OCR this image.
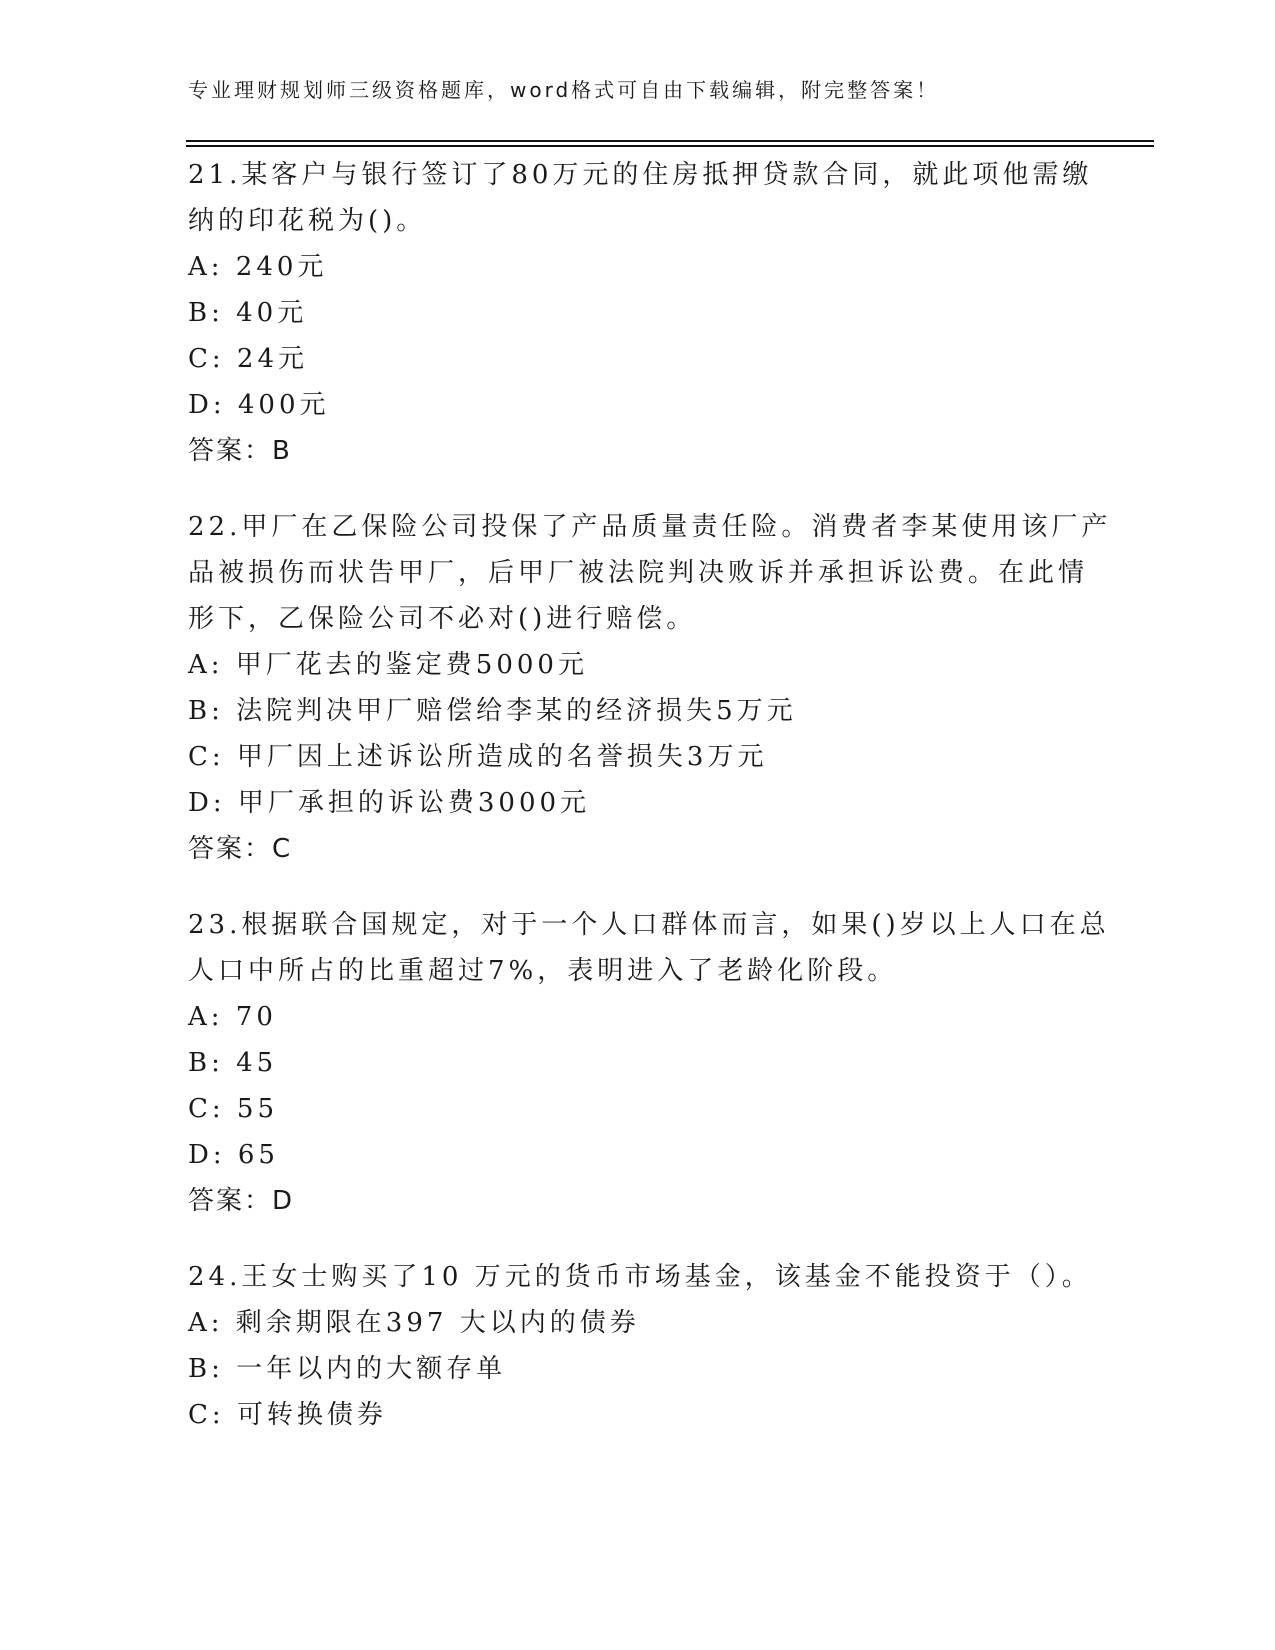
专业理财规划师三级资格题库，word格式可自由下载编辑，附完整答案！
21.某客户与银行签订了80万元的住房抵押贷款合同，就此项他需缴
纳的印花税为()。
A: 240元
B: 40元
C: 24元
D: 400元
答案：B
22.甲厂在乙保险公司投保了产品质量责任险。消费者李某使用该厂产
品被损伤而状告甲厂，后甲厂被法院判决败诉并承担诉讼费。在此情
形下，乙保险公司不必对()进行赔偿。
A: 甲厂花去的鉴定费5000元
B: 法院判决甲厂赔偿给李某的经济损失5万元
C: 甲厂因上述诉讼所造成的名誉损失3万元
D: 甲厂承担的诉讼费3000元
答案：C
23.根据联合国规定，对于一个人口群体而言，如果()岁以上人口在总
人口中所占的比重超过7%，表明进入了老龄化阶段。
A: 70
B: 45
C: 55
D: 65
答案：D
24.王女士购买了10 万元的货币市场基金，该基金不能投资于（）。
A: 剩余期限在397 大以内的债券
B: 一年以内的大额存单
C: 可转换债券
